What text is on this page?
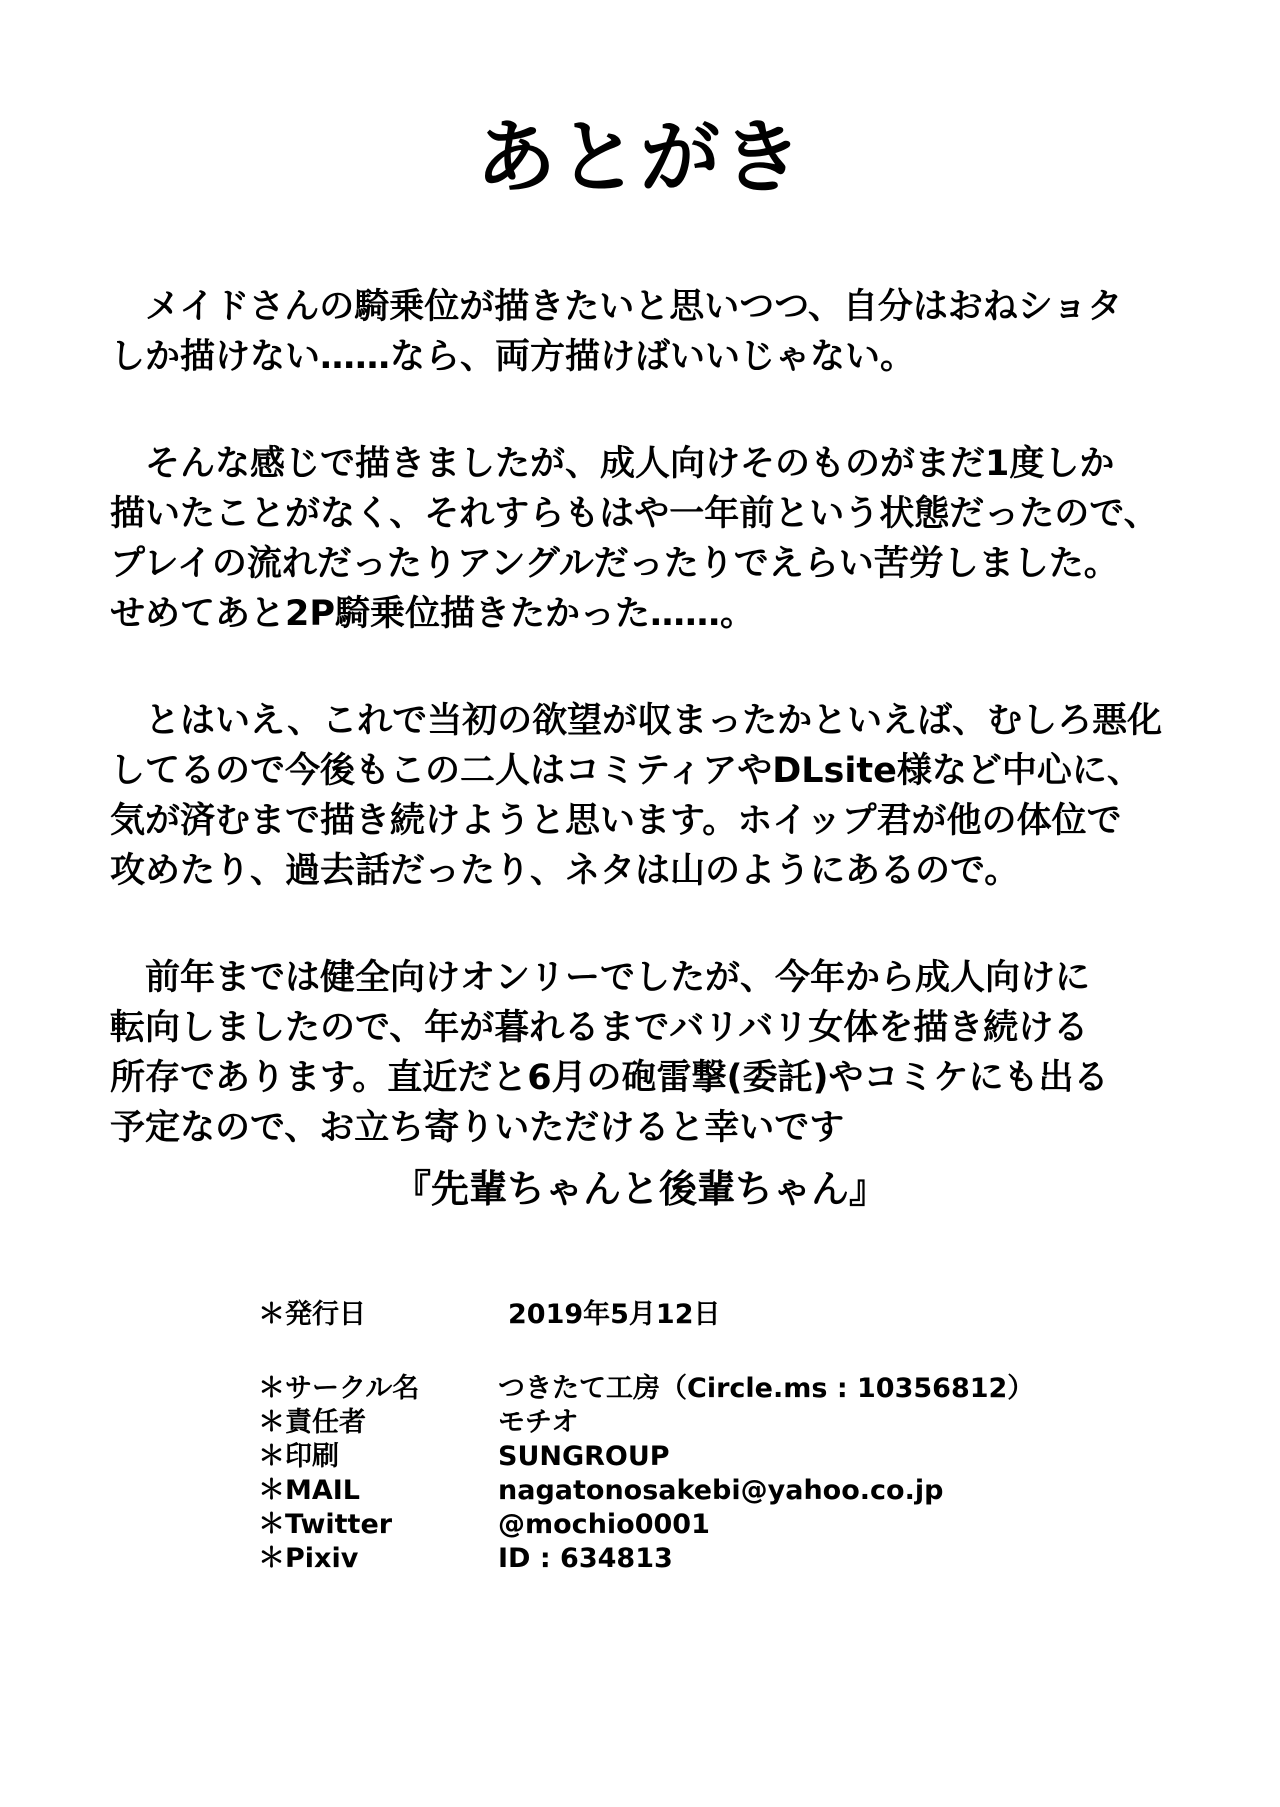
あとがき

　メイドさんの騎乗位が描きたいと思いつつ、自分はおねショタ

しか描けない……なら、両方描けばいいじゃない。

　そんな感じで描きましたが、成人向けそのものがまだ1度しか

描いたことがなく、それすらもはや一年前という状態だったので、

プレイの流れだったりアングルだったりでえらい苦労しました。

せめてあと2P騎乗位描きたかった……。

　とはいえ、これで当初の欲望が収まったかといえば、むしろ悪化

してるので今後もこの二人はコミティアやDLsite様など中心に、

気が済むまで描き続けようと思います。ホイップ君が他の体位で

攻めたり、過去話だったり、ネタは山のようにあるので。

　前年までは健全向けオンリーでしたが、今年から成人向けに

転向しましたので、年が暮れるまでバリバリ女体を描き続ける

所存であります。直近だと6月の砲雷撃(委託)やコミケにも出る

予定なので、お立ち寄りいただけると幸いです

『先輩ちゃんと後輩ちゃん』
＊発行日	2019年5月12日
＊サークル名	つきたて工房（Circle.ms : 10356812）
＊責任者	モチオ
＊印刷	SUNGROUP
＊MAIL	nagatonosakebi@yahoo.co.jp
＊Twitter	@mochio0001
＊Pixiv	ID : 634813
